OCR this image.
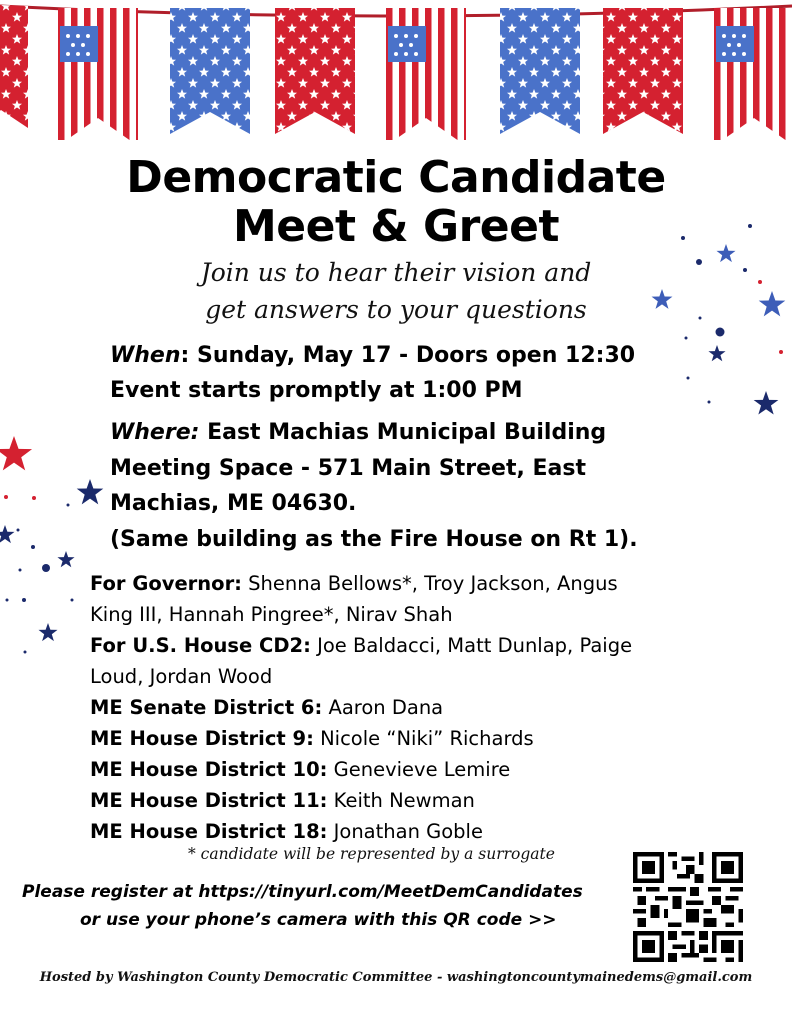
Democratic Candidate
Meet & Greet
Join us to hear their vision and
get answers to your questions
When: Sunday, May 17 - Doors open 12:30
Event starts promptly at 1:00 PM
Where: East Machias Municipal Building
Meeting Space - 571 Main Street, East
Machias, ME 04630.
(Same building as the Fire House on Rt 1).
For Governor: Shenna Bellows*, Troy Jackson, Angus
King III, Hannah Pingree*, Nirav Shah
For U.S. House CD2: Joe Baldacci, Matt Dunlap, Paige
Loud, Jordan Wood
ME Senate District 6: Aaron Dana
ME House District 9: Nicole “Niki” Richards
ME House District 10: Genevieve Lemire
ME House District 11: Keith Newman
ME House District 18: Jonathan Goble
* candidate will be represented by a surrogate
Please register at https://tinyurl.com/MeetDemCandidates
or use your phone’s camera with this QR code >>
Hosted by Washington County Democratic Committee - washingtoncountymainedems@gmail.com
